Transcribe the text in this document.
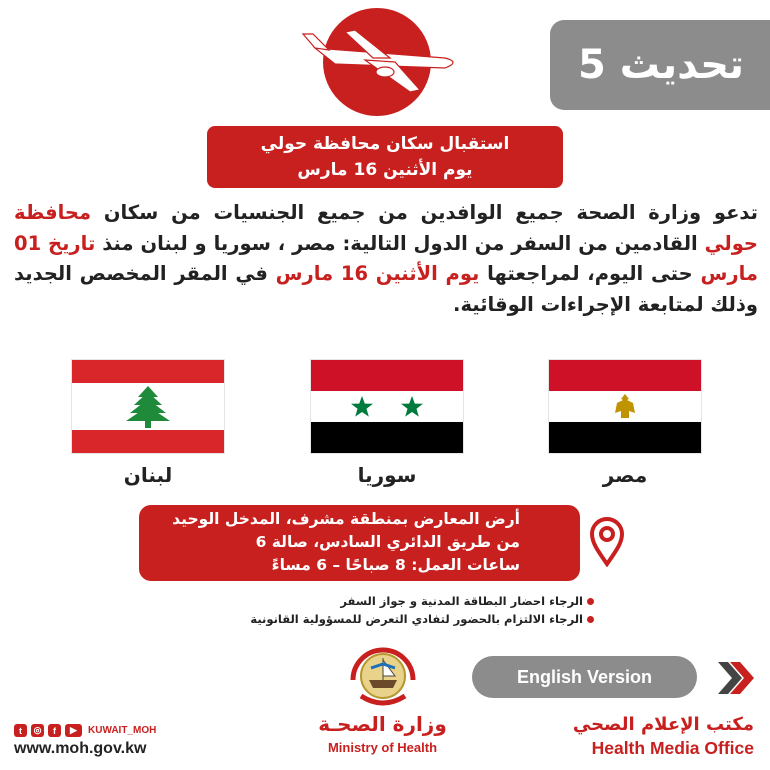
تحديث 5
استقبال سكان محافظة حولي
يوم الأثنين 16 مارس
تدعو وزارة الصحة جميع الوافدين من جميع الجنسيات من سكان محافظة حولي القادمين من السفر من الدول التالية: مصر ، سوريا و لبنان منذ تاريخ 01 مارس حتى اليوم، لمراجعتها يوم الأثنين 16 مارس في المقر المخصص الجديد وذلك لمتابعة الإجراءات الوقائية.
لبنان	سوريا	مصر
أرض المعارض بمنطقة مشرف، المدخل الوحيد
من طريق الدائري السادس، صالة 6
ساعات العمل: 8 صباحًا – 6 مساءً
الرجاء احضار البطاقة المدنية و جواز السفر
الرجاء الالتزام بالحضور لتفادي التعرض للمسؤولية القانونية
English Version
وزارة الصحـة
Ministry of Health
مكتب الإعلام الصحي
Health Media Office
t	◎	f	▶	KUWAIT_MOH
www.moh.gov.kw
